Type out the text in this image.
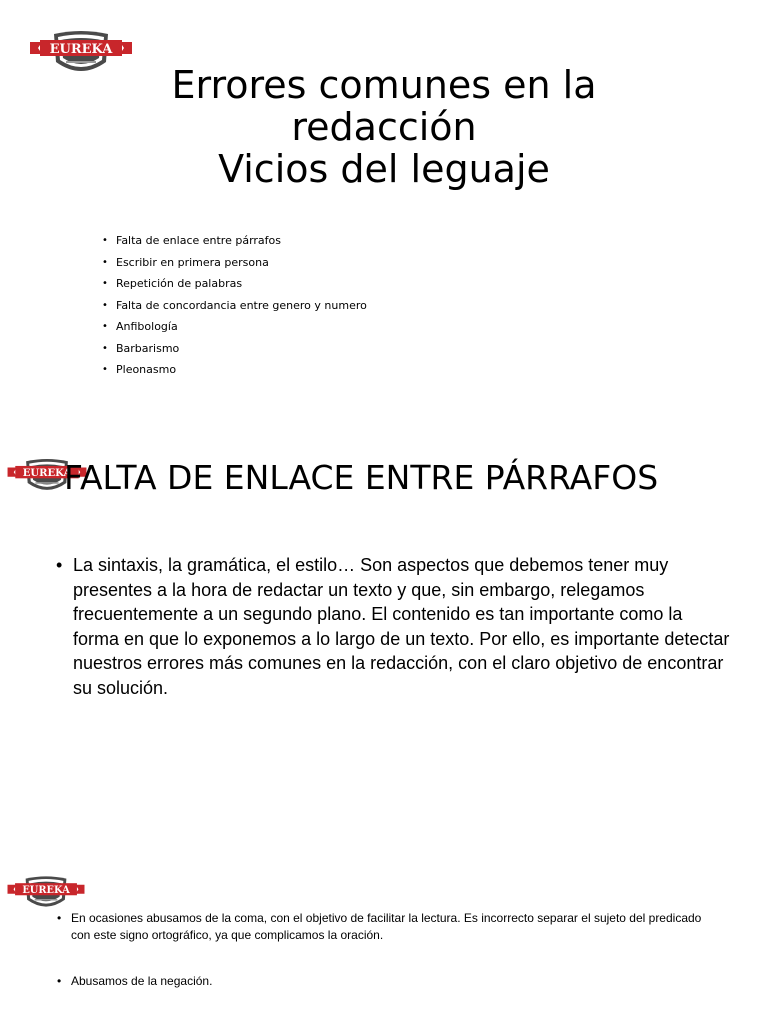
EUREKA
Errores comunes en la
redacción
Vicios del leguaje
• Falta de enlace entre párrafos
• Escribir en primera persona
• Repetición de palabras
• Falta de concordancia entre genero y numero
• Anfibología
• Barbarismo
• Pleonasmo
EUREKA
FALTA DE ENLACE ENTRE PÁRRAFOS
• La sintaxis, la gramática, el estilo… Son aspectos que debemos tener muy presentes a la hora de redactar un texto y que, sin embargo, relegamos frecuentemente a un segundo plano. El contenido es tan importante como la forma en que lo exponemos a lo largo de un texto. Por ello, es importante detectar nuestros errores más comunes en la redacción, con el claro objetivo de encontrar su solución.
EUREKA
• En ocasiones abusamos de la coma, con el objetivo de facilitar la lectura. Es incorrecto separar el sujeto del predicado con este signo ortográfico, ya que complicamos la oración.
• Abusamos de la negación.
